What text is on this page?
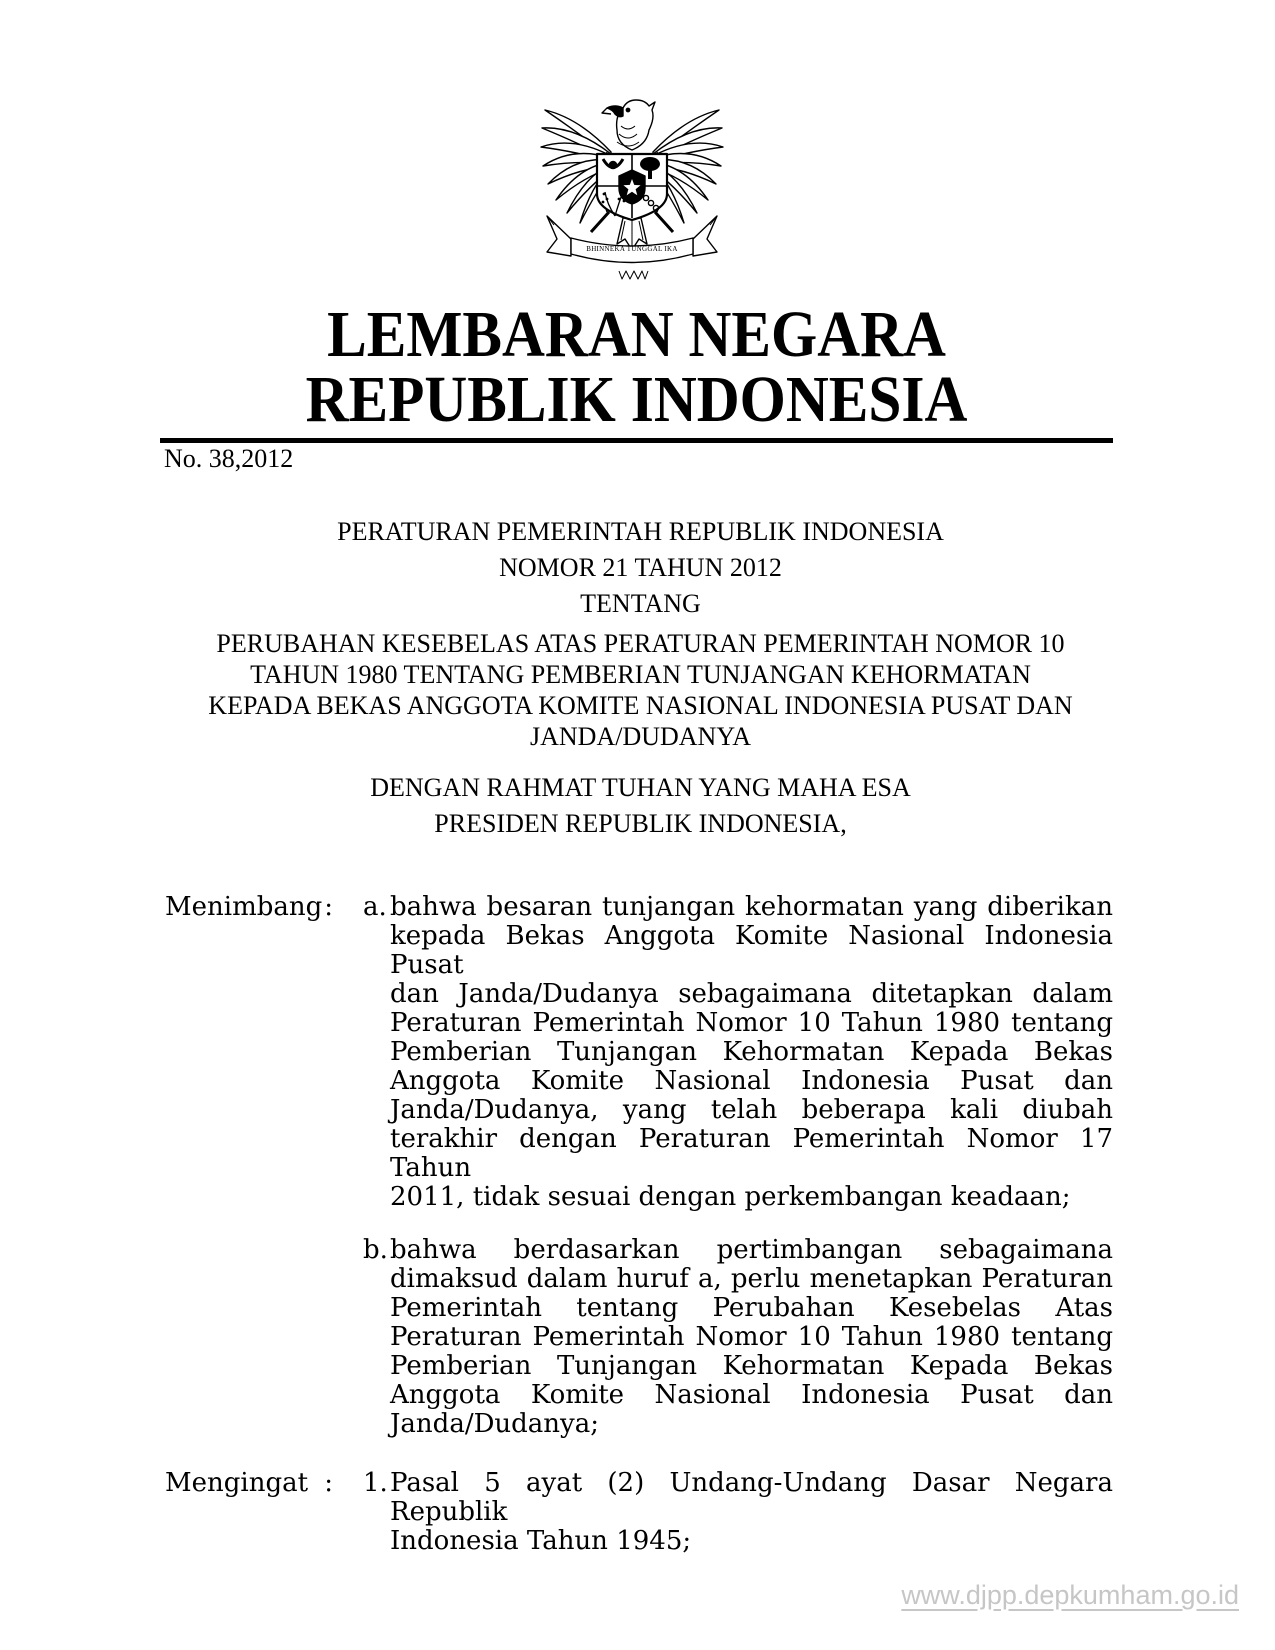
BHINNEKA TUNGGAL IKA
LEMBARAN NEGARA
REPUBLIK INDONESIA
No. 38,2012
PERATURAN PEMERINTAH REPUBLIK INDONESIA
NOMOR 21 TAHUN 2012
TENTANG
PERUBAHAN KESEBELAS ATAS PERATURAN PEMERINTAH NOMOR 10
TAHUN 1980 TENTANG PEMBERIAN TUNJANGAN KEHORMATAN
KEPADA BEKAS ANGGOTA KOMITE NASIONAL INDONESIA PUSAT DAN
JANDA/DUDANYA
DENGAN RAHMAT TUHAN YANG MAHA ESA
PRESIDEN REPUBLIK INDONESIA,
Menimbang : a. bahwa besaran tunjangan kehormatan yang diberikan
kepada Bekas Anggota Komite Nasional Indonesia Pusat
dan Janda/Dudanya sebagaimana ditetapkan dalam
Peraturan Pemerintah Nomor 10 Tahun 1980 tentang
Pemberian Tunjangan Kehormatan Kepada Bekas
Anggota Komite Nasional Indonesia Pusat dan
Janda/Dudanya, yang telah beberapa kali diubah
terakhir dengan Peraturan Pemerintah Nomor 17 Tahun
2011, tidak sesuai dengan perkembangan keadaan;
b. bahwa berdasarkan pertimbangan sebagaimana
dimaksud dalam huruf a, perlu menetapkan Peraturan
Pemerintah tentang Perubahan Kesebelas Atas
Peraturan Pemerintah Nomor 10 Tahun 1980 tentang
Pemberian Tunjangan Kehormatan Kepada Bekas
Anggota Komite Nasional Indonesia Pusat dan
Janda/Dudanya;
Mengingat : 1. Pasal 5 ayat (2) Undang-Undang Dasar Negara Republik
Indonesia Tahun 1945;
www.djpp.depkumham.go.id
